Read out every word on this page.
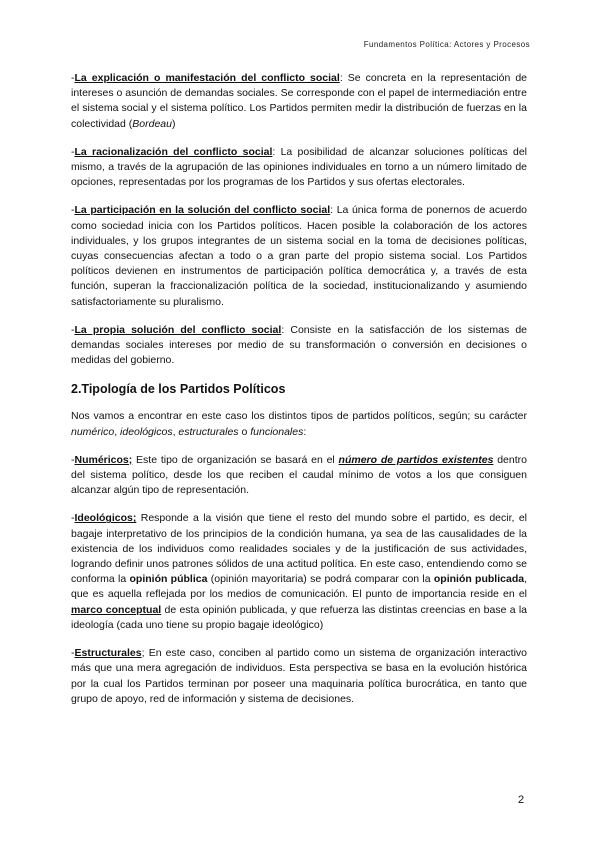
Fundamentos Política: Actores y Procesos

-La explicación o manifestación del conflicto social: Se concreta en la representación de intereses o asunción de demandas sociales. Se corresponde con el papel de intermediación entre el sistema social y el sistema político. Los Partidos permiten medir la distribución de fuerzas en la colectividad (Bordeau)

-La racionalización del conflicto social: La posibilidad de alcanzar soluciones políticas del mismo, a través de la agrupación de las opiniones individuales en torno a un número limitado de opciones, representadas por los programas de los Partidos y sus ofertas electorales.

-La participación en la solución del conflicto social: La única forma de ponernos de acuerdo como sociedad inicia con los Partidos políticos. Hacen posible la colaboración de los actores individuales, y los grupos integrantes de un sistema social en la toma de decisiones políticas, cuyas consecuencias afectan a todo o a gran parte del propio sistema social. Los Partidos políticos devienen en instrumentos de participación política democrática y, a través de esta función, superan la fraccionalización política de la sociedad, institucionalizando y asumiendo satisfactoriamente su pluralismo.

-La propia solución del conflicto social: Consiste en la satisfacción de los sistemas de demandas sociales intereses por medio de su transformación o conversión en decisiones o medidas del gobierno.

2.Tipología de los Partidos Políticos

Nos vamos a encontrar en este caso los distintos tipos de partidos políticos, según; su carácter numérico, ideológicos, estructurales o funcionales:

-Numéricos; Este tipo de organización se basará en el número de partidos existentes dentro del sistema político, desde los que reciben el caudal mínimo de votos a los que consiguen alcanzar algún tipo de representación.

-Ideológicos; Responde a la visión que tiene el resto del mundo sobre el partido, es decir, el bagaje interpretativo de los principios de la condición humana, ya sea de las causalidades de la existencia de los individuos como realidades sociales y de la justificación de sus actividades, logrando definir unos patrones sólidos de una actitud política. En este caso, entendiendo como se conforma la opinión pública (opinión mayoritaria) se podrá comparar con la opinión publicada, que es aquella reflejada por los medios de comunicación. El punto de importancia reside en el marco conceptual de esta opinión publicada, y que refuerza las distintas creencias en base a la ideología (cada uno tiene su propio bagaje ideológico)

-Estructurales; En este caso, conciben al partido como un sistema de organización interactivo más que una mera agregación de individuos. Esta perspectiva se basa en la evolución histórica por la cual los Partidos terminan por poseer una maquinaria política burocrática, en tanto que grupo de apoyo, red de información y sistema de decisiones.

2
